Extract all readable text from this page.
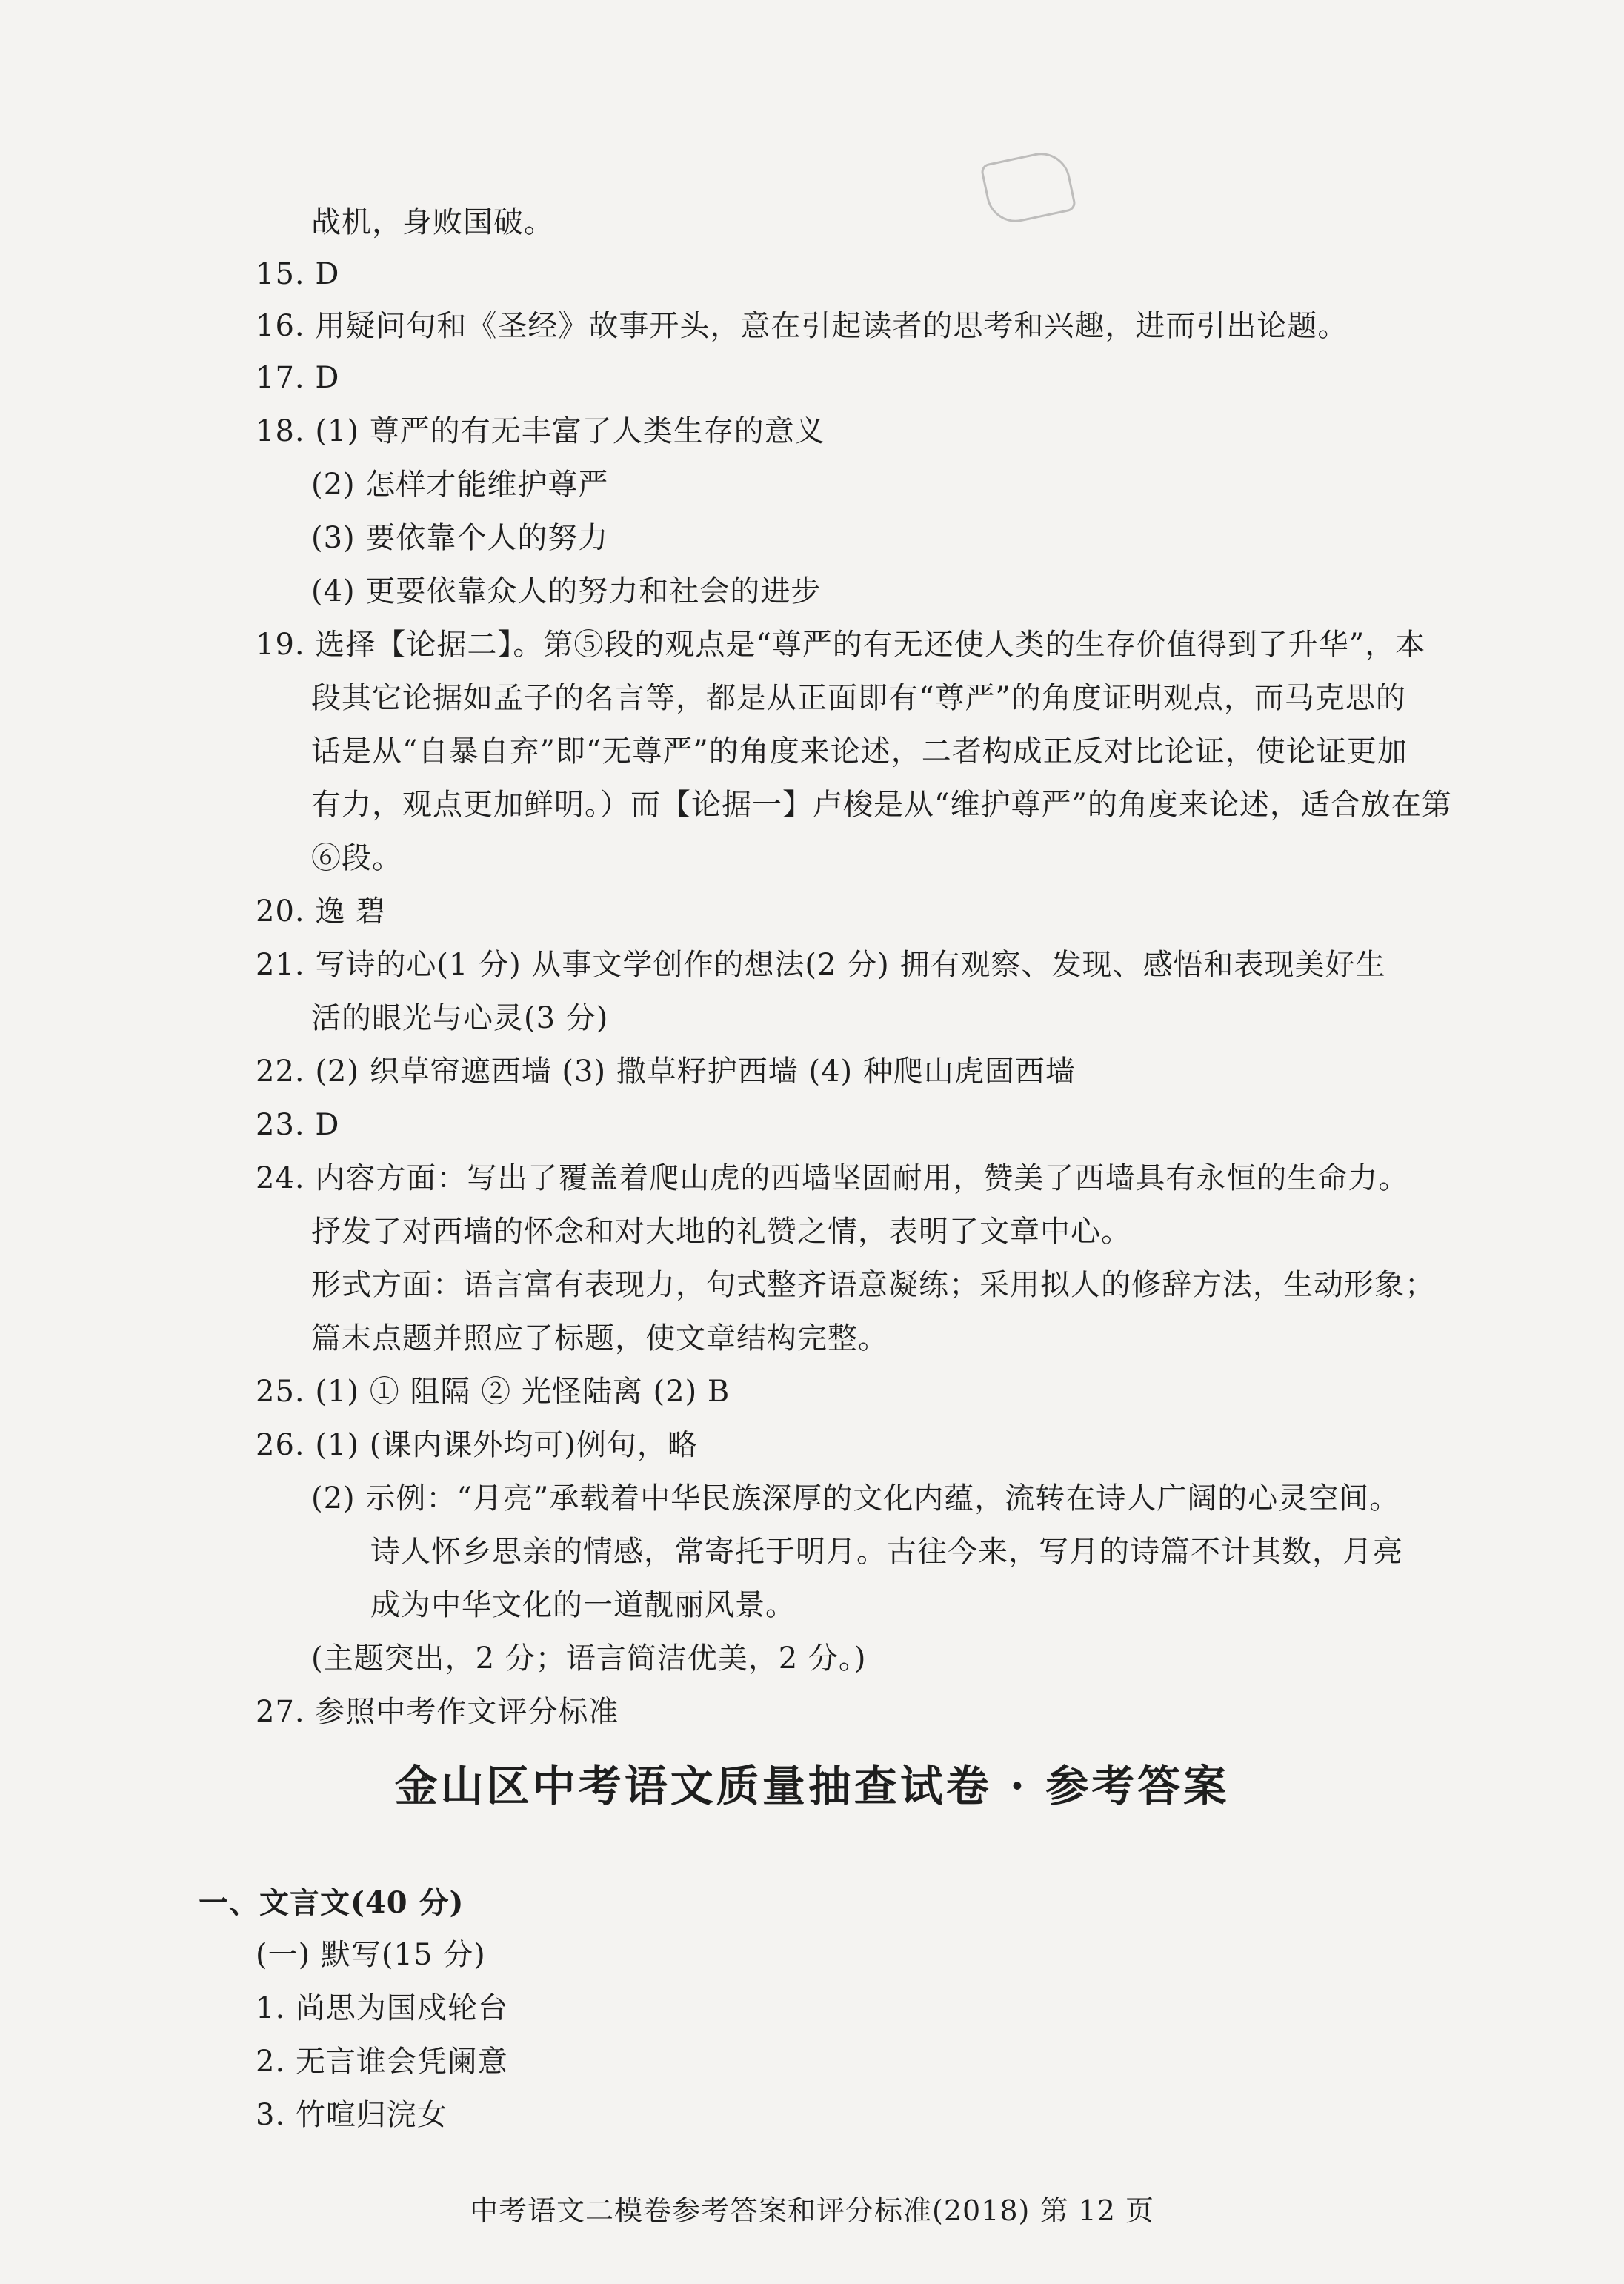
战机，身败国破。
15. D
16. 用疑问句和《圣经》故事开头，意在引起读者的思考和兴趣，进而引出论题。
17. D
18. (1) 尊严的有无丰富了人类生存的意义
(2) 怎样才能维护尊严
(3) 要依靠个人的努力
(4) 更要依靠众人的努力和社会的进步
19. 选择【论据二】。第⑤段的观点是“尊严的有无还使人类的生存价值得到了升华”，本
段其它论据如孟子的名言等，都是从正面即有“尊严”的角度证明观点，而马克思的
话是从“自暴自弃”即“无尊严”的角度来论述，二者构成正反对比论证，使论证更加
有力，观点更加鲜明。）而【论据一】卢梭是从“维护尊严”的角度来论述，适合放在第
⑥段。
20. 逸 碧
21. 写诗的心(1 分) 从事文学创作的想法(2 分) 拥有观察、发现、感悟和表现美好生
活的眼光与心灵(3 分)
22. (2) 织草帘遮西墙 (3) 撒草籽护西墙 (4) 种爬山虎固西墙
23. D
24. 内容方面：写出了覆盖着爬山虎的西墙坚固耐用，赞美了西墙具有永恒的生命力。
抒发了对西墙的怀念和对大地的礼赞之情，表明了文章中心。
形式方面：语言富有表现力，句式整齐语意凝练；采用拟人的修辞方法，生动形象；
篇末点题并照应了标题，使文章结构完整。
25. (1) ① 阻隔 ② 光怪陆离 (2) B
26. (1) (课内课外均可)例句，略
(2) 示例：“月亮”承载着中华民族深厚的文化内蕴，流转在诗人广阔的心灵空间。
诗人怀乡思亲的情感，常寄托于明月。古往今来，写月的诗篇不计其数，月亮
成为中华文化的一道靓丽风景。
(主题突出，2 分；语言简洁优美，2 分。)
27. 参照中考作文评分标准
金山区中考语文质量抽查试卷 · 参考答案
一、文言文(40 分)
(一) 默写(15 分)
1. 尚思为国戍轮台
2. 无言谁会凭阑意
3. 竹喧归浣女
中考语文二模卷参考答案和评分标准(2018) 第 12 页
